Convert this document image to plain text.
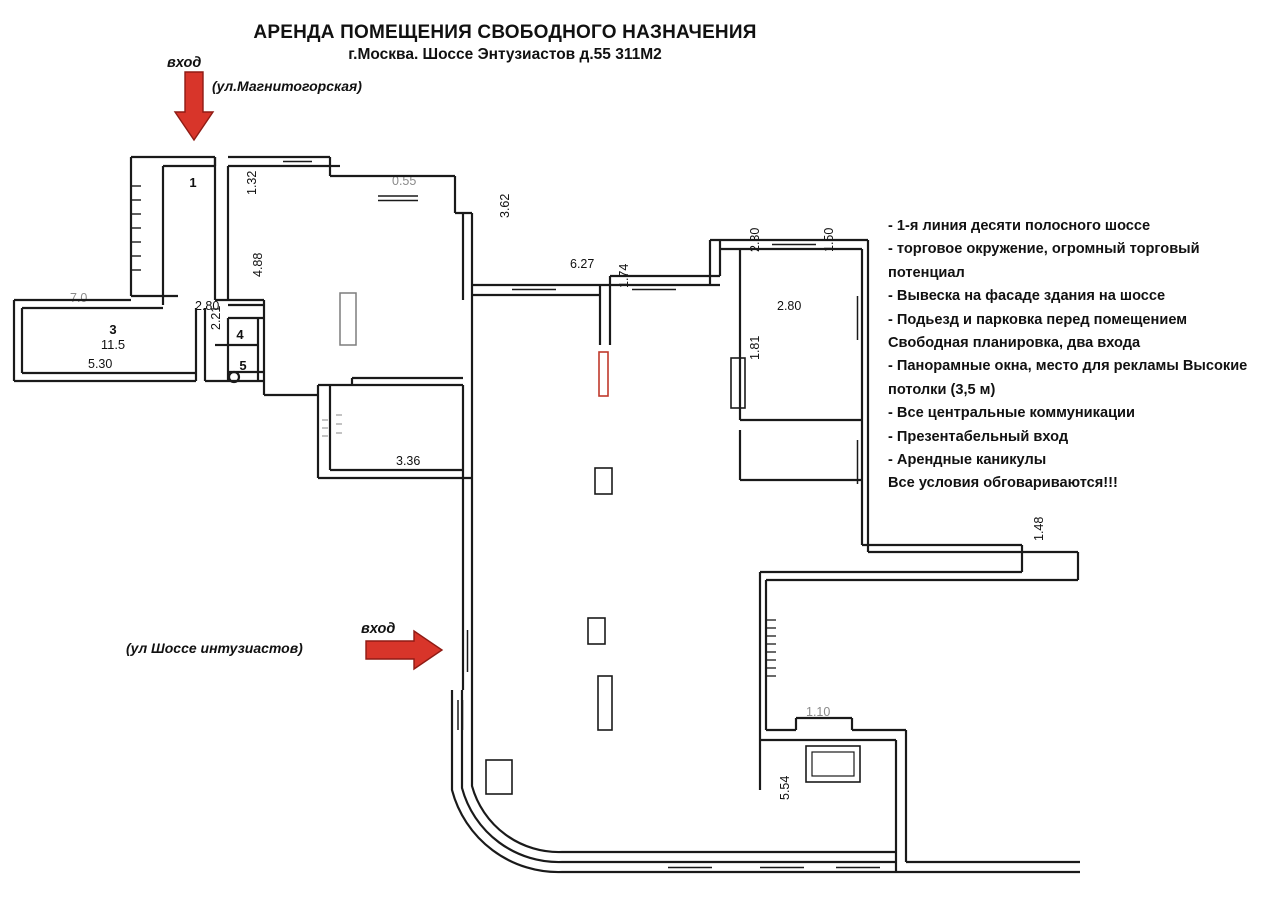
АРЕНДА ПОМЕЩЕНИЯ СВОБОДНОГО НАЗНАЧЕНИЯ
г.Москва. Шоссе Энтузиастов д.55 311М2
вход
(ул.Магнитогорская)
вход
(ул Шоссе интузиастов)
- 1-я линия десяти полосного шоссе
- торговое окружение, огромный торговый потенциал
- Вывеска на фасаде здания на шоссе
- Подьезд и парковка перед помещением Свободная планировка, два входа
- Панорамные окна, место для рекламы Высокие потолки (3,5 м)
- Все центральные коммуникации
- Презентабельный вход
- Арендные каникулы
Все условия обговариваются!!!
1
3
11.5
4
5
1.32
4.88
2.80
2.21
5.30
7.0
0.55
3.62
6.27 1.74
2.30	1.50
2.80
1.81
3.36
1.48
5.54
1.10
